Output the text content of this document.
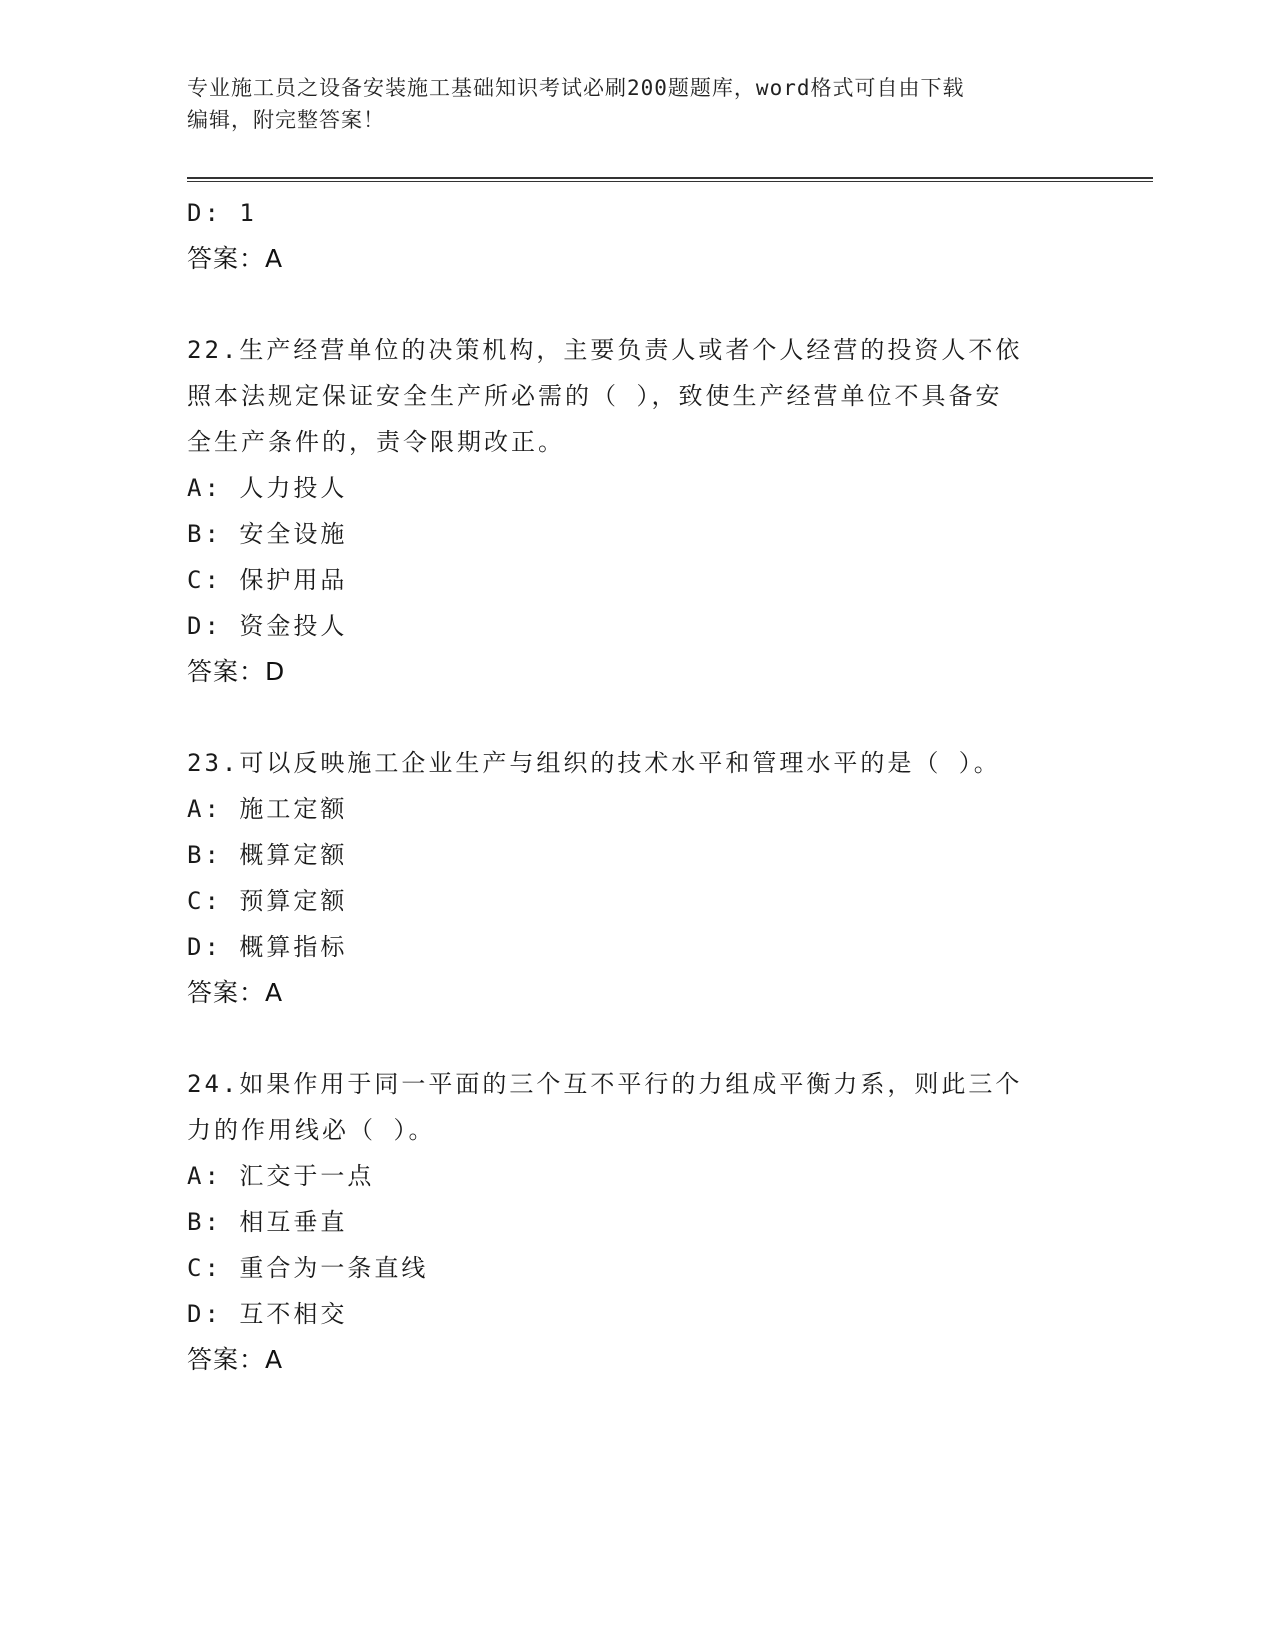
专业施工员之设备安装施工基础知识考试必刷200题题库，word格式可自由下载
编辑，附完整答案！
D: 1
答案：A
22.生产经营单位的决策机构，主要负责人或者个人经营的投资人不依
照本法规定保证安全生产所必需的（ ），致使生产经营单位不具备安
全生产条件的，责令限期改正。
A: 人力投人
B: 安全设施
C: 保护用品
D: 资金投人
答案：D
23.可以反映施工企业生产与组织的技术水平和管理水平的是（ ）。
A: 施工定额
B: 概算定额
C: 预算定额
D: 概算指标
答案：A
24.如果作用于同一平面的三个互不平行的力组成平衡力系，则此三个
力的作用线必（ ）。
A: 汇交于一点
B: 相互垂直
C: 重合为一条直线
D: 互不相交
答案：A
